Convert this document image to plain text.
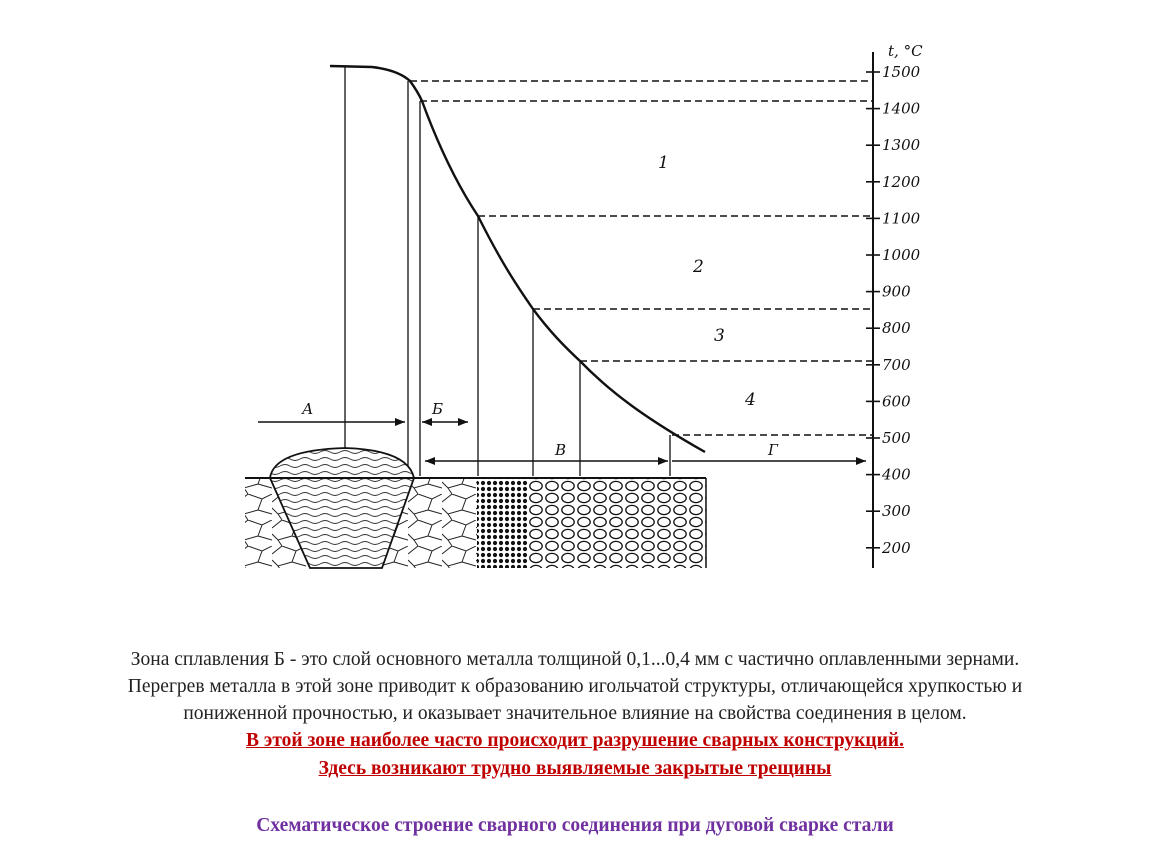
t, °C
1500
1400
1300
1200
1100
1000
900
800
700
600
500
400
300
200
А	Б
В	Г
1
2
3
4
Зона сплавления Б - это слой основного металла толщиной 0,1...0,4 мм с частично оплавленными зернами.
Перегрев металла в этой зоне приводит к образованию игольчатой структуры, отличающейся хрупкостью и
пониженной прочностью, и оказывает значительное влияние на свойства соединения в целом.
В этой зоне наиболее часто происходит разрушение сварных конструкций.
Здесь возникают трудно выявляемые закрытые трещины
Схематическое строение сварного соединения при дуговой сварке стали
